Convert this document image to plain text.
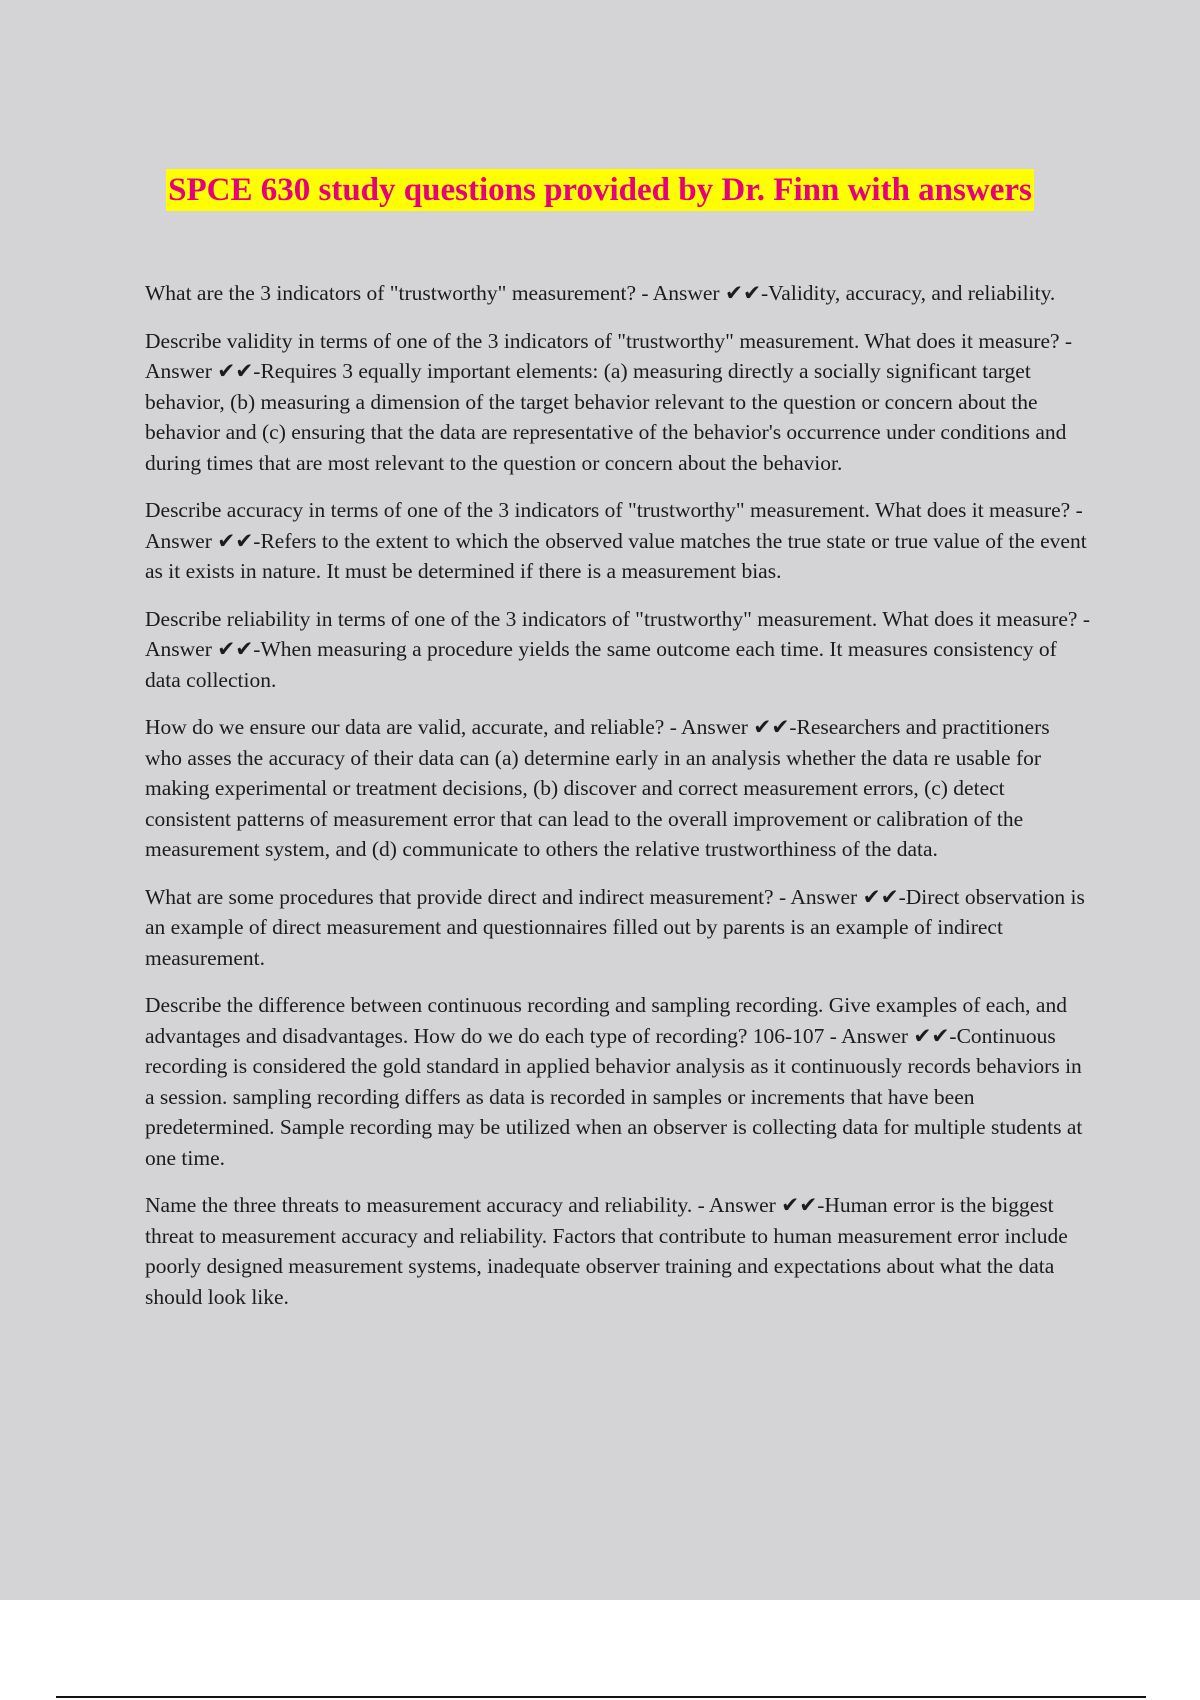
SPCE 630 study questions provided by Dr. Finn with answers

What are the 3 indicators of "trustworthy" measurement? - Answer ✔✔-Validity, accuracy, and reliability.

Describe validity in terms of one of the 3 indicators of "trustworthy" measurement. What does it measure? - Answer ✔✔-Requires 3 equally important elements: (a) measuring directly a socially significant target behavior, (b) measuring a dimension of the target behavior relevant to the question or concern about the behavior and (c) ensuring that the data are representative of the behavior's occurrence under conditions and during times that are most relevant to the question or concern about the behavior.

Describe accuracy in terms of one of the 3 indicators of "trustworthy" measurement. What does it measure? - Answer ✔✔-Refers to the extent to which the observed value matches the true state or true value of the event as it exists in nature. It must be determined if there is a measurement bias.

Describe reliability in terms of one of the 3 indicators of "trustworthy" measurement. What does it measure? - Answer ✔✔-When measuring a procedure yields the same outcome each time. It measures consistency of data collection.

How do we ensure our data are valid, accurate, and reliable? - Answer ✔✔-Researchers and practitioners who asses the accuracy of their data can (a) determine early in an analysis whether the data re usable for making experimental or treatment decisions, (b) discover and correct measurement errors, (c) detect consistent patterns of measurement error that can lead to the overall improvement or calibration of the measurement system, and (d) communicate to others the relative trustworthiness of the data.

What are some procedures that provide direct and indirect measurement? - Answer ✔✔-Direct observation is an example of direct measurement and questionnaires filled out by parents is an example of indirect measurement.

Describe the difference between continuous recording and sampling recording. Give examples of each, and advantages and disadvantages. How do we do each type of recording? 106-107 - Answer ✔✔-Continuous recording is considered the gold standard in applied behavior analysis as it continuously records behaviors in a session. sampling recording differs as data is recorded in samples or increments that have been predetermined. Sample recording may be utilized when an observer is collecting data for multiple students at one time.

Name the three threats to measurement accuracy and reliability. - Answer ✔✔-Human error is the biggest threat to measurement accuracy and reliability. Factors that contribute to human measurement error include poorly designed measurement systems, inadequate observer training and expectations about what the data should look like.
